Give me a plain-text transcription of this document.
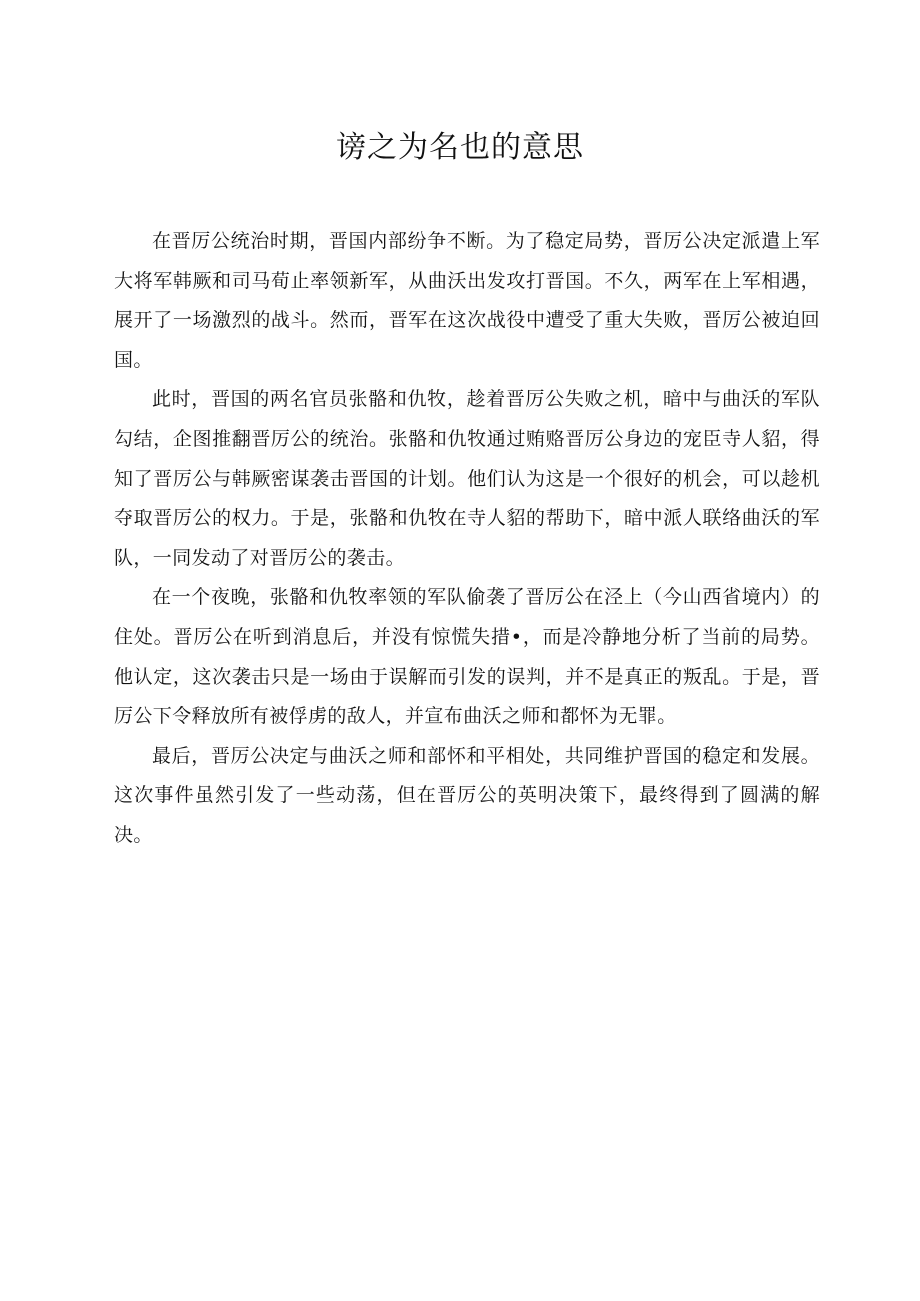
谤之为名也的意思

在晋厉公统治时期，晋国内部纷争不断。为了稳定局势，晋厉公决定派遣上军大将军韩厥和司马荀止率领新军，从曲沃出发攻打晋国。不久，两军在上军相遇，展开了一场激烈的战斗。然而，晋军在这次战役中遭受了重大失败，晋厉公被迫回国。

此时，晋国的两名官员张骼和仇牧，趁着晋厉公失败之机，暗中与曲沃的军队勾结，企图推翻晋厉公的统治。张骼和仇牧通过贿赂晋厉公身边的宠臣寺人貂，得知了晋厉公与韩厥密谋袭击晋国的计划。他们认为这是一个很好的机会，可以趁机夺取晋厉公的权力。于是，张骼和仇牧在寺人貂的帮助下，暗中派人联络曲沃的军队，一同发动了对晋厉公的袭击。

在一个夜晚，张骼和仇牧率领的军队偷袭了晋厉公在泾上（今山西省境内）的住处。晋厉公在听到消息后，并没有惊慌失措•，而是冷静地分析了当前的局势。他认定，这次袭击只是一场由于误解而引发的误判，并不是真正的叛乱。于是，晋厉公下令释放所有被俘虏的敌人，并宣布曲沃之师和都怀为无罪。

最后，晋厉公决定与曲沃之师和部怀和平相处，共同维护晋国的稳定和发展。这次事件虽然引发了一些动荡，但在晋厉公的英明决策下，最终得到了圆满的解决。
